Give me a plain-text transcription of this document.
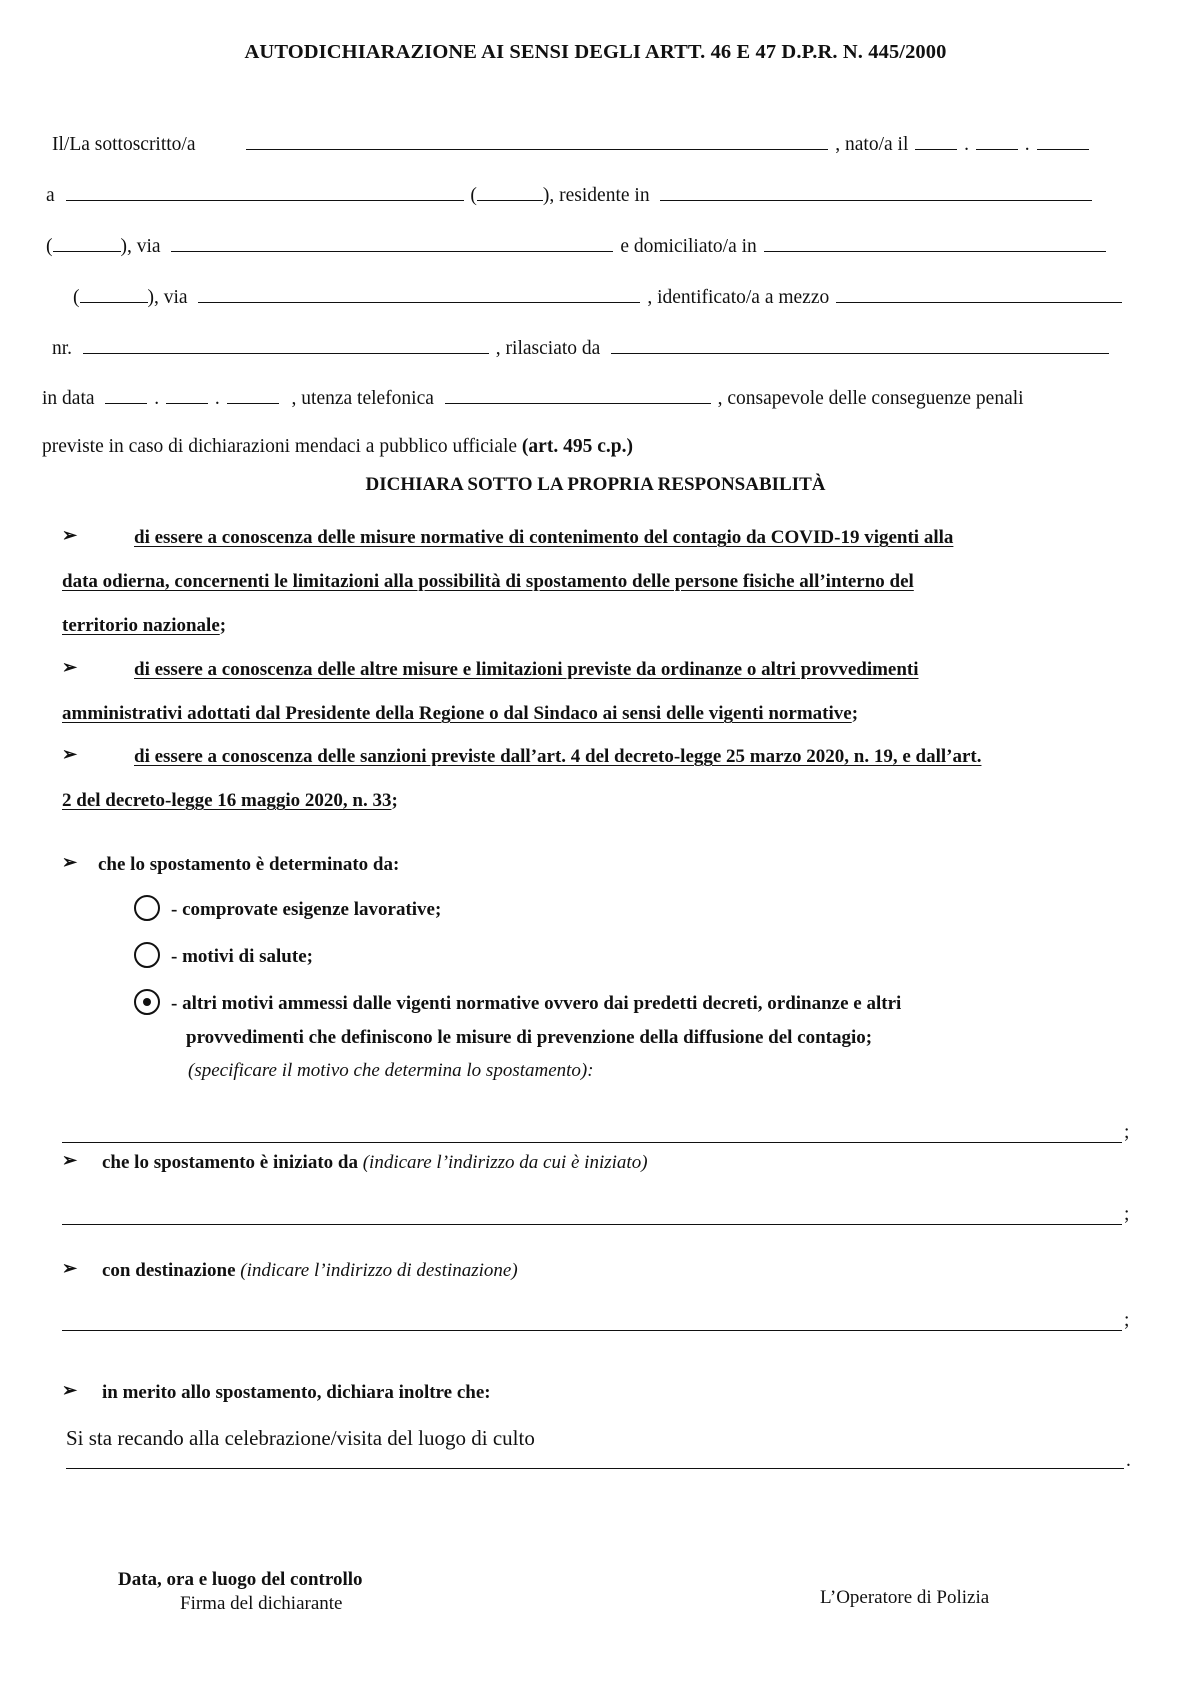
AUTODICHIARAZIONE AI SENSI DEGLI ARTT. 46 E 47 D.P.R. N. 445/2000
Il/La sottoscritto/a	, nato/a il	.	.
a	(	), residente in
(	), via	e domiciliato/a in
(	), via	, identificato/a a mezzo
nr.	, rilasciato da
in data	.	.	, utenza telefonica	, consapevole delle conseguenze penali
previste in caso di dichiarazioni mendaci a pubblico ufficiale (art. 495 c.p.)
DICHIARA SOTTO LA PROPRIA RESPONSABILITÀ
➢	di essere a conoscenza delle misure normative di contenimento del contagio da COVID-19 vigenti alla
data odierna, concernenti le limitazioni alla possibilità di spostamento delle persone fisiche all’interno del
territorio nazionale;
➢	di essere a conoscenza delle altre misure e limitazioni previste da ordinanze o altri provvedimenti
amministrativi adottati dal Presidente della Regione o dal Sindaco ai sensi delle vigenti normative;
➢	di essere a conoscenza delle sanzioni previste dall’art. 4 del decreto-legge 25 marzo 2020, n. 19, e dall’art.
2 del decreto-legge 16 maggio 2020, n. 33;
➢ che lo spostamento è determinato da:
- comprovate esigenze lavorative;
- motivi di salute;
- altri motivi ammessi dalle vigenti normative ovvero dai predetti decreti, ordinanze e altri
provvedimenti che definiscono le misure di prevenzione della diffusione del contagio;
(specificare il motivo che determina lo spostamento):
;
➢ che lo spostamento è iniziato da (indicare l’indirizzo da cui è iniziato)
;
➢ con destinazione (indicare l’indirizzo di destinazione)
;
➢ in merito allo spostamento, dichiara inoltre che:
Si sta recando alla celebrazione/visita del luogo di culto
.
Data, ora e luogo del controllo
Firma del dichiarante	L’Operatore di Polizia
